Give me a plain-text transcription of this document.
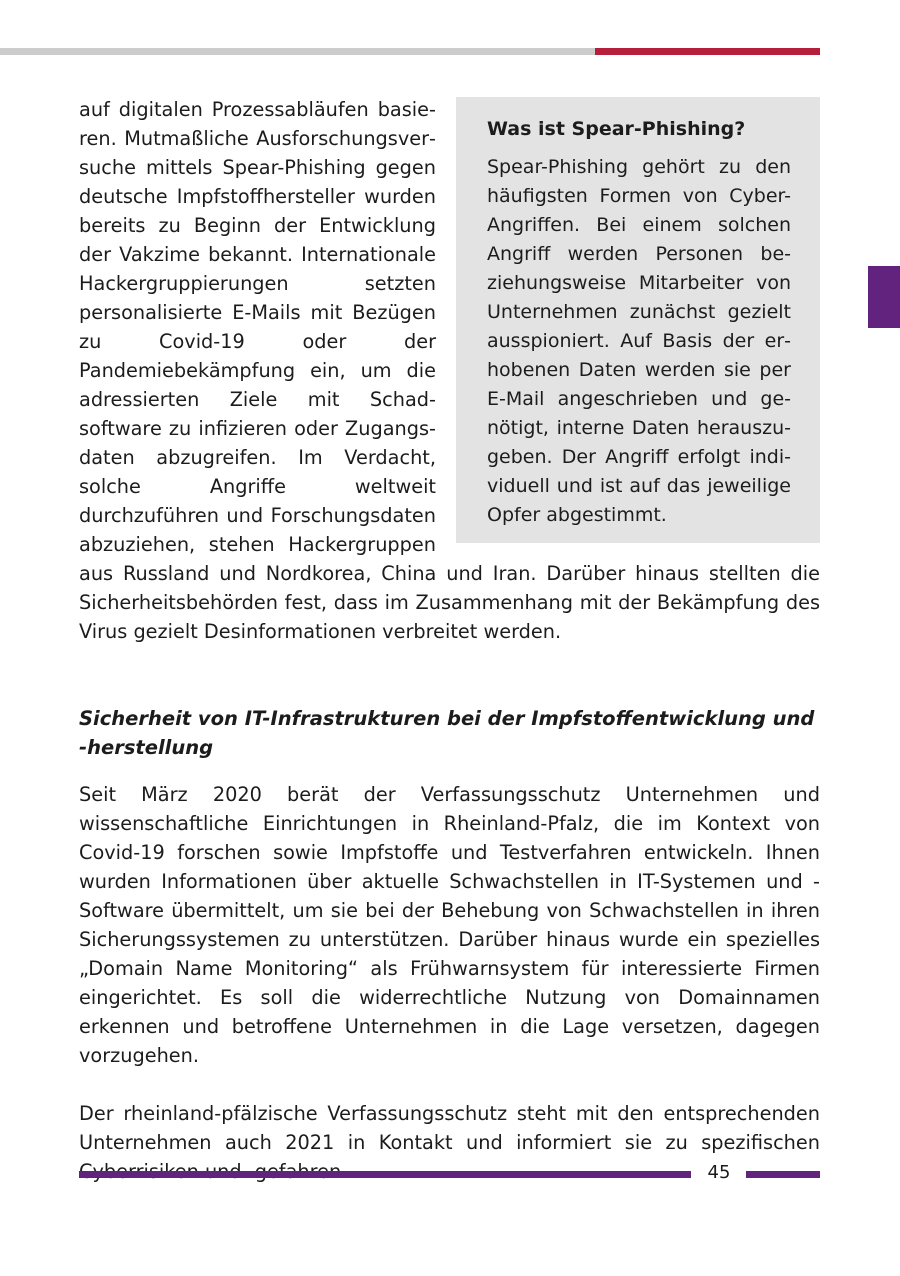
Was ist Spear-Phishing?

Spear-Phishing gehört zu den häufigsten Formen von Cyber-Angriffen. Bei einem solchen Angriff werden Personen beziehungsweise Mitarbeiter von Unternehmen zunächst gezielt ausspioniert. Auf Basis der erhobenen Daten werden sie per E-Mail angeschrieben und genötigt, interne Daten herauszugeben. Der Angriff erfolgt individuell und ist auf das jeweilige Opfer abgestimmt.

auf digitalen Prozessabläufen basieren. Mutmaßliche Ausforschungsversuche mittels Spear-Phishing gegen deutsche Impfstoffhersteller wurden bereits zu Beginn der Entwicklung der Vakzime bekannt. Internationale Hackergruppierungen setzten personalisierte E-Mails mit Bezügen zu Covid-19 oder der Pandemiebekämpfung ein, um die adressierten Ziele mit Schadsoftware zu infizieren oder Zugangsdaten abzugreifen. Im Verdacht, solche Angriffe weltweit durchzuführen und Forschungsdaten abzuziehen, stehen Hackergruppen aus Russland und Nordkorea, China und Iran. Darüber hinaus stellten die Sicherheitsbehörden fest, dass im Zusammenhang mit der Bekämpfung des Virus gezielt Desinformationen verbreitet werden.

Sicherheit von IT-Infrastrukturen bei der Impfstoffentwicklung und -herstellung

Seit März 2020 berät der Verfassungsschutz Unternehmen und wissenschaftliche Einrichtungen in Rheinland-Pfalz, die im Kontext von Covid-19 forschen sowie Impfstoffe und Testverfahren entwickeln. Ihnen wurden Informationen über aktuelle Schwachstellen in IT-Systemen und -Software übermittelt, um sie bei der Behebung von Schwachstellen in ihren Sicherungssystemen zu unterstützen. Darüber hinaus wurde ein spezielles „Domain Name Monitoring“ als Frühwarnsystem für interessierte Firmen eingerichtet. Es soll die widerrechtliche Nutzung von Domainnamen erkennen und betroffene Unternehmen in die Lage versetzen, dagegen vorzugehen.

Der rheinland-pfälzische Verfassungsschutz steht mit den entsprechenden Unternehmen auch 2021 in Kontakt und informiert sie zu spezifischen

45
